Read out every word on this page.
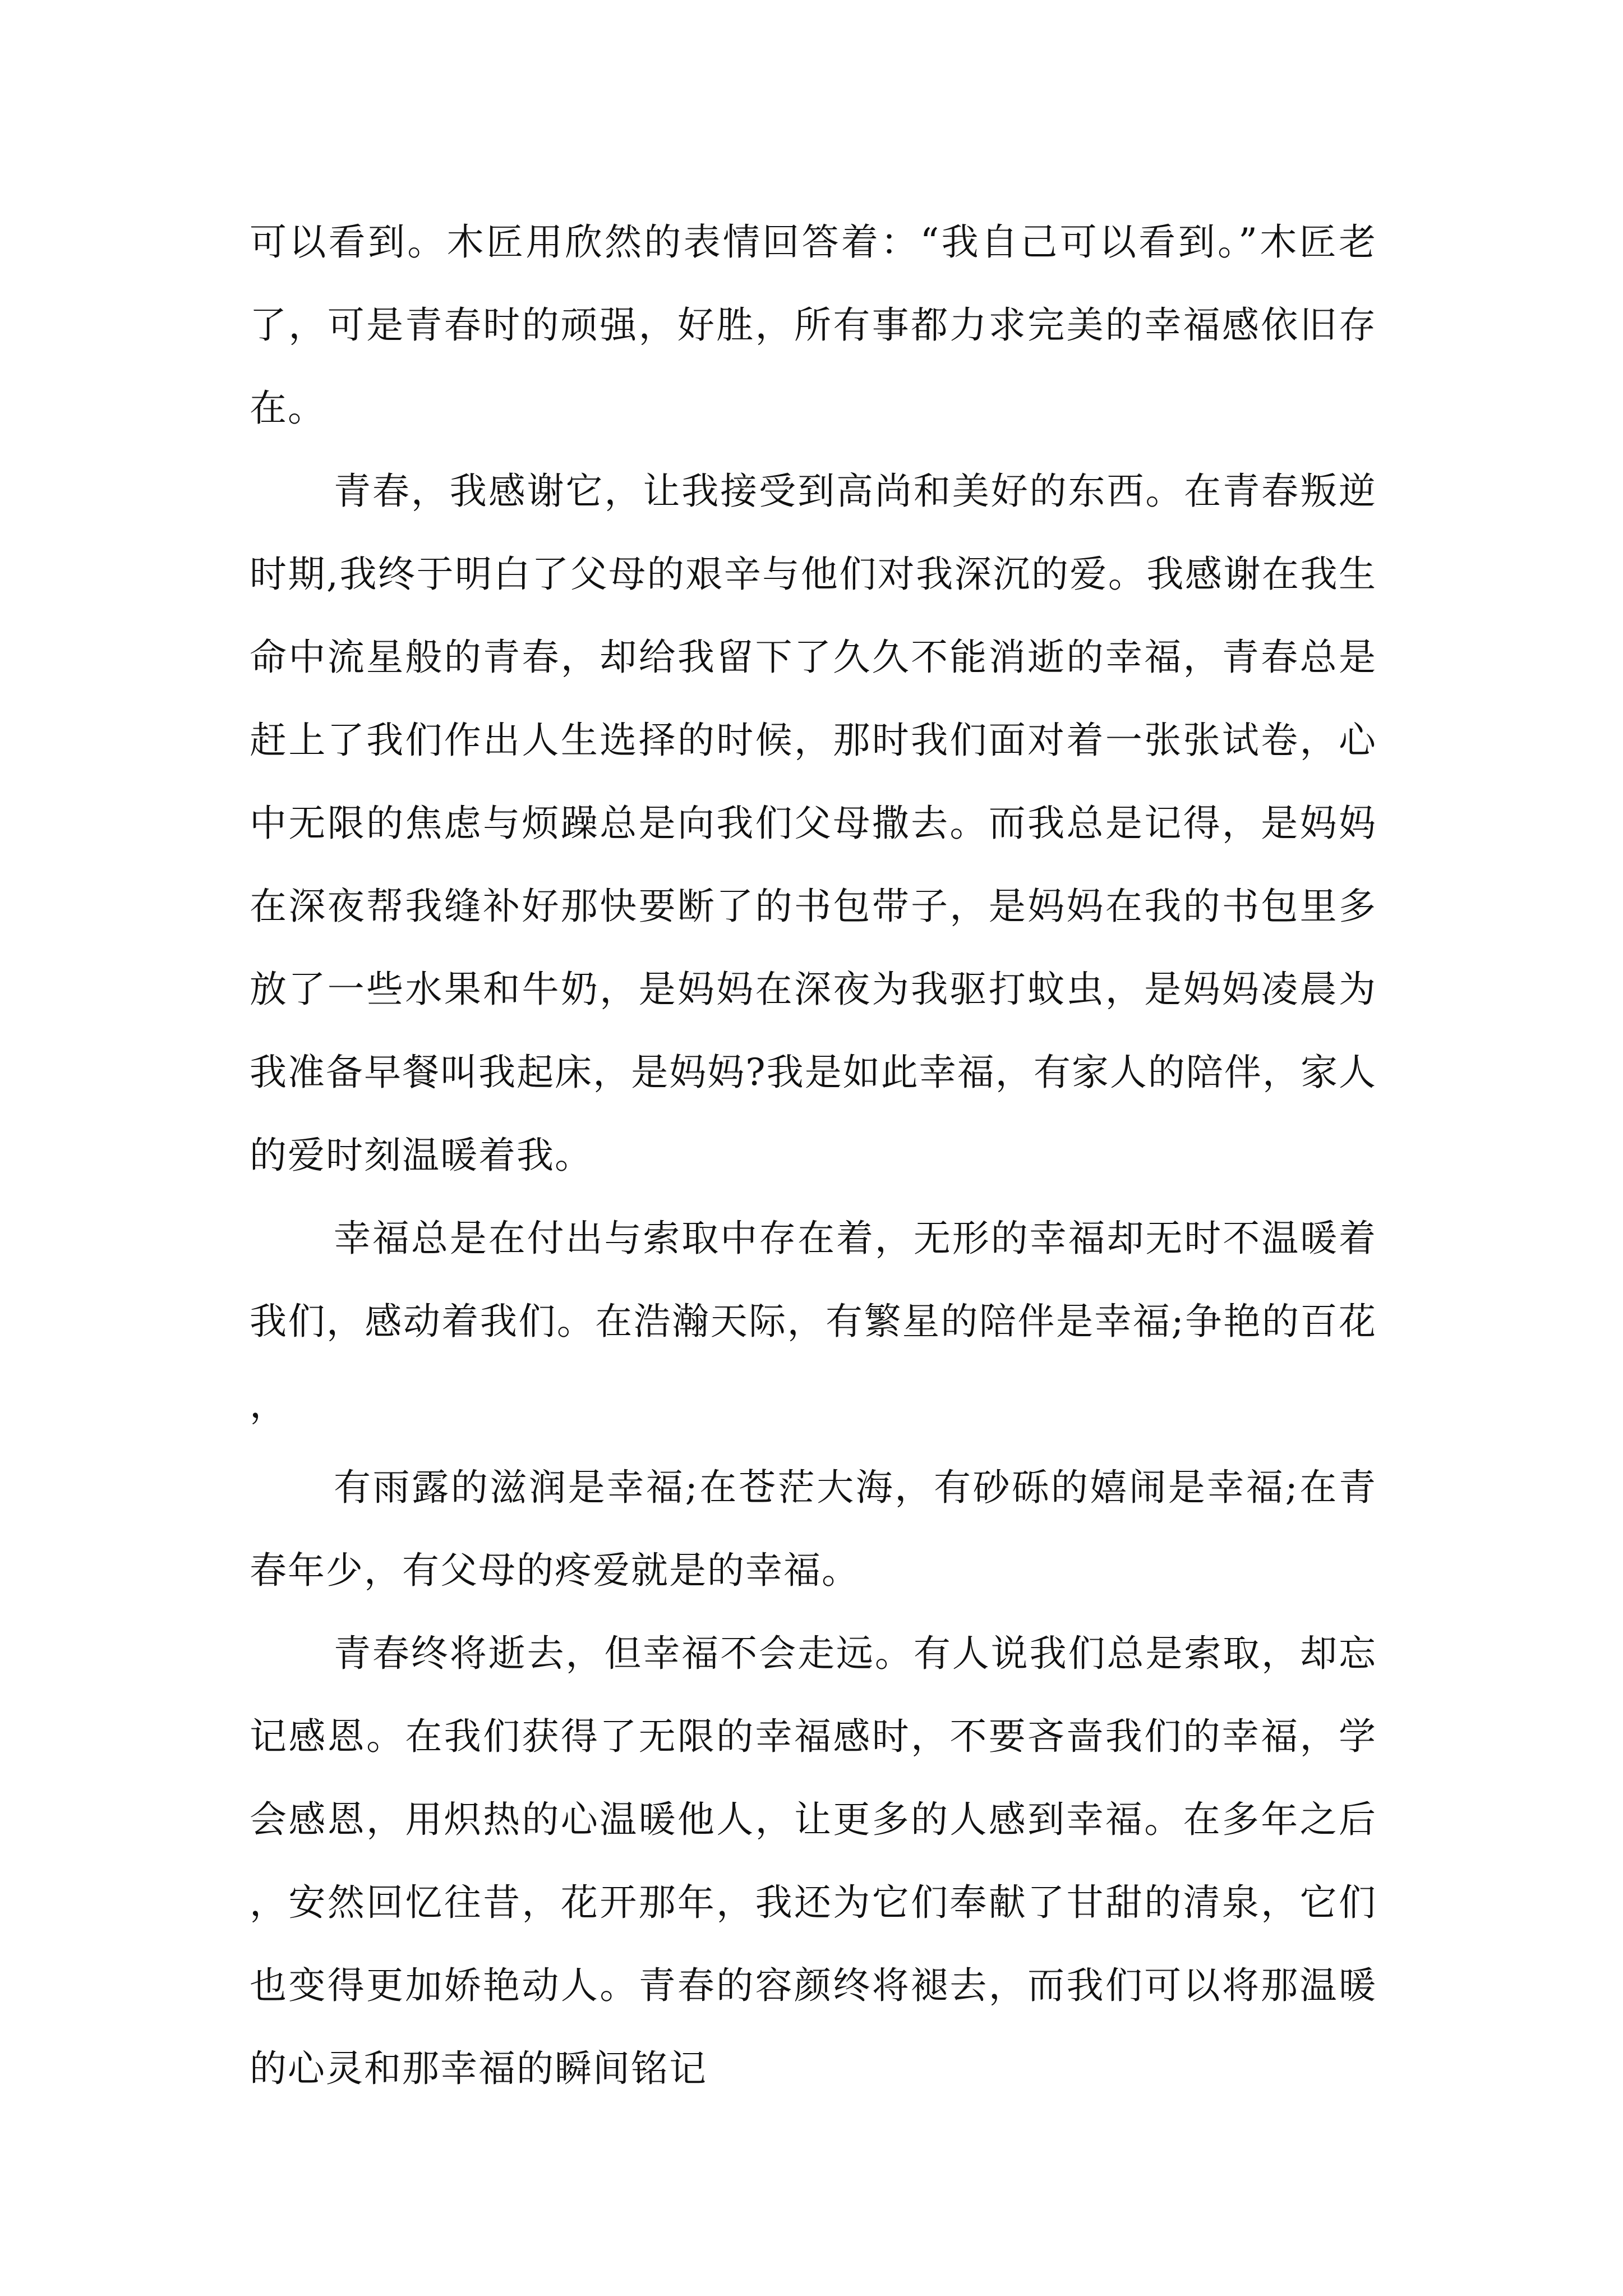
可以看到。木匠用欣然的表情回答着：“我自己可以看到。”木匠老了，可是青春时的顽强，好胜，所有事都力求完美的幸福感依旧存在。

青春，我感谢它，让我接受到高尚和美好的东西。在青春叛逆时期,我终于明白了父母的艰辛与他们对我深沉的爱。我感谢在我生命中流星般的青春，却给我留下了久久不能消逝的幸福，青春总是赶上了我们作出人生选择的时候，那时我们面对着一张张试卷，心中无限的焦虑与烦躁总是向我们父母撒去。而我总是记得，是妈妈在深夜帮我缝补好那快要断了的书包带子，是妈妈在我的书包里多放了一些水果和牛奶，是妈妈在深夜为我驱打蚊虫，是妈妈凌晨为我准备早餐叫我起床，是妈妈?我是如此幸福，有家人的陪伴，家人的爱时刻温暖着我。

幸福总是在付出与索取中存在着，无形的幸福却无时不温暖着我们，感动着我们。在浩瀚天际，有繁星的陪伴是幸福;争艳的百花，

有雨露的滋润是幸福;在苍茫大海，有砂砾的嬉闹是幸福;在青春年少，有父母的疼爱就是的幸福。

青春终将逝去，但幸福不会走远。有人说我们总是索取，却忘记感恩。在我们获得了无限的幸福感时，不要吝啬我们的幸福，学会感恩，用炽热的心温暖他人，让更多的人感到幸福。在多年之后，安然回忆往昔，花开那年，我还为它们奉献了甘甜的清泉，它们也变得更加娇艳动人。青春的容颜终将褪去，而我们可以将那温暖的心灵和那幸福的瞬间铭记
